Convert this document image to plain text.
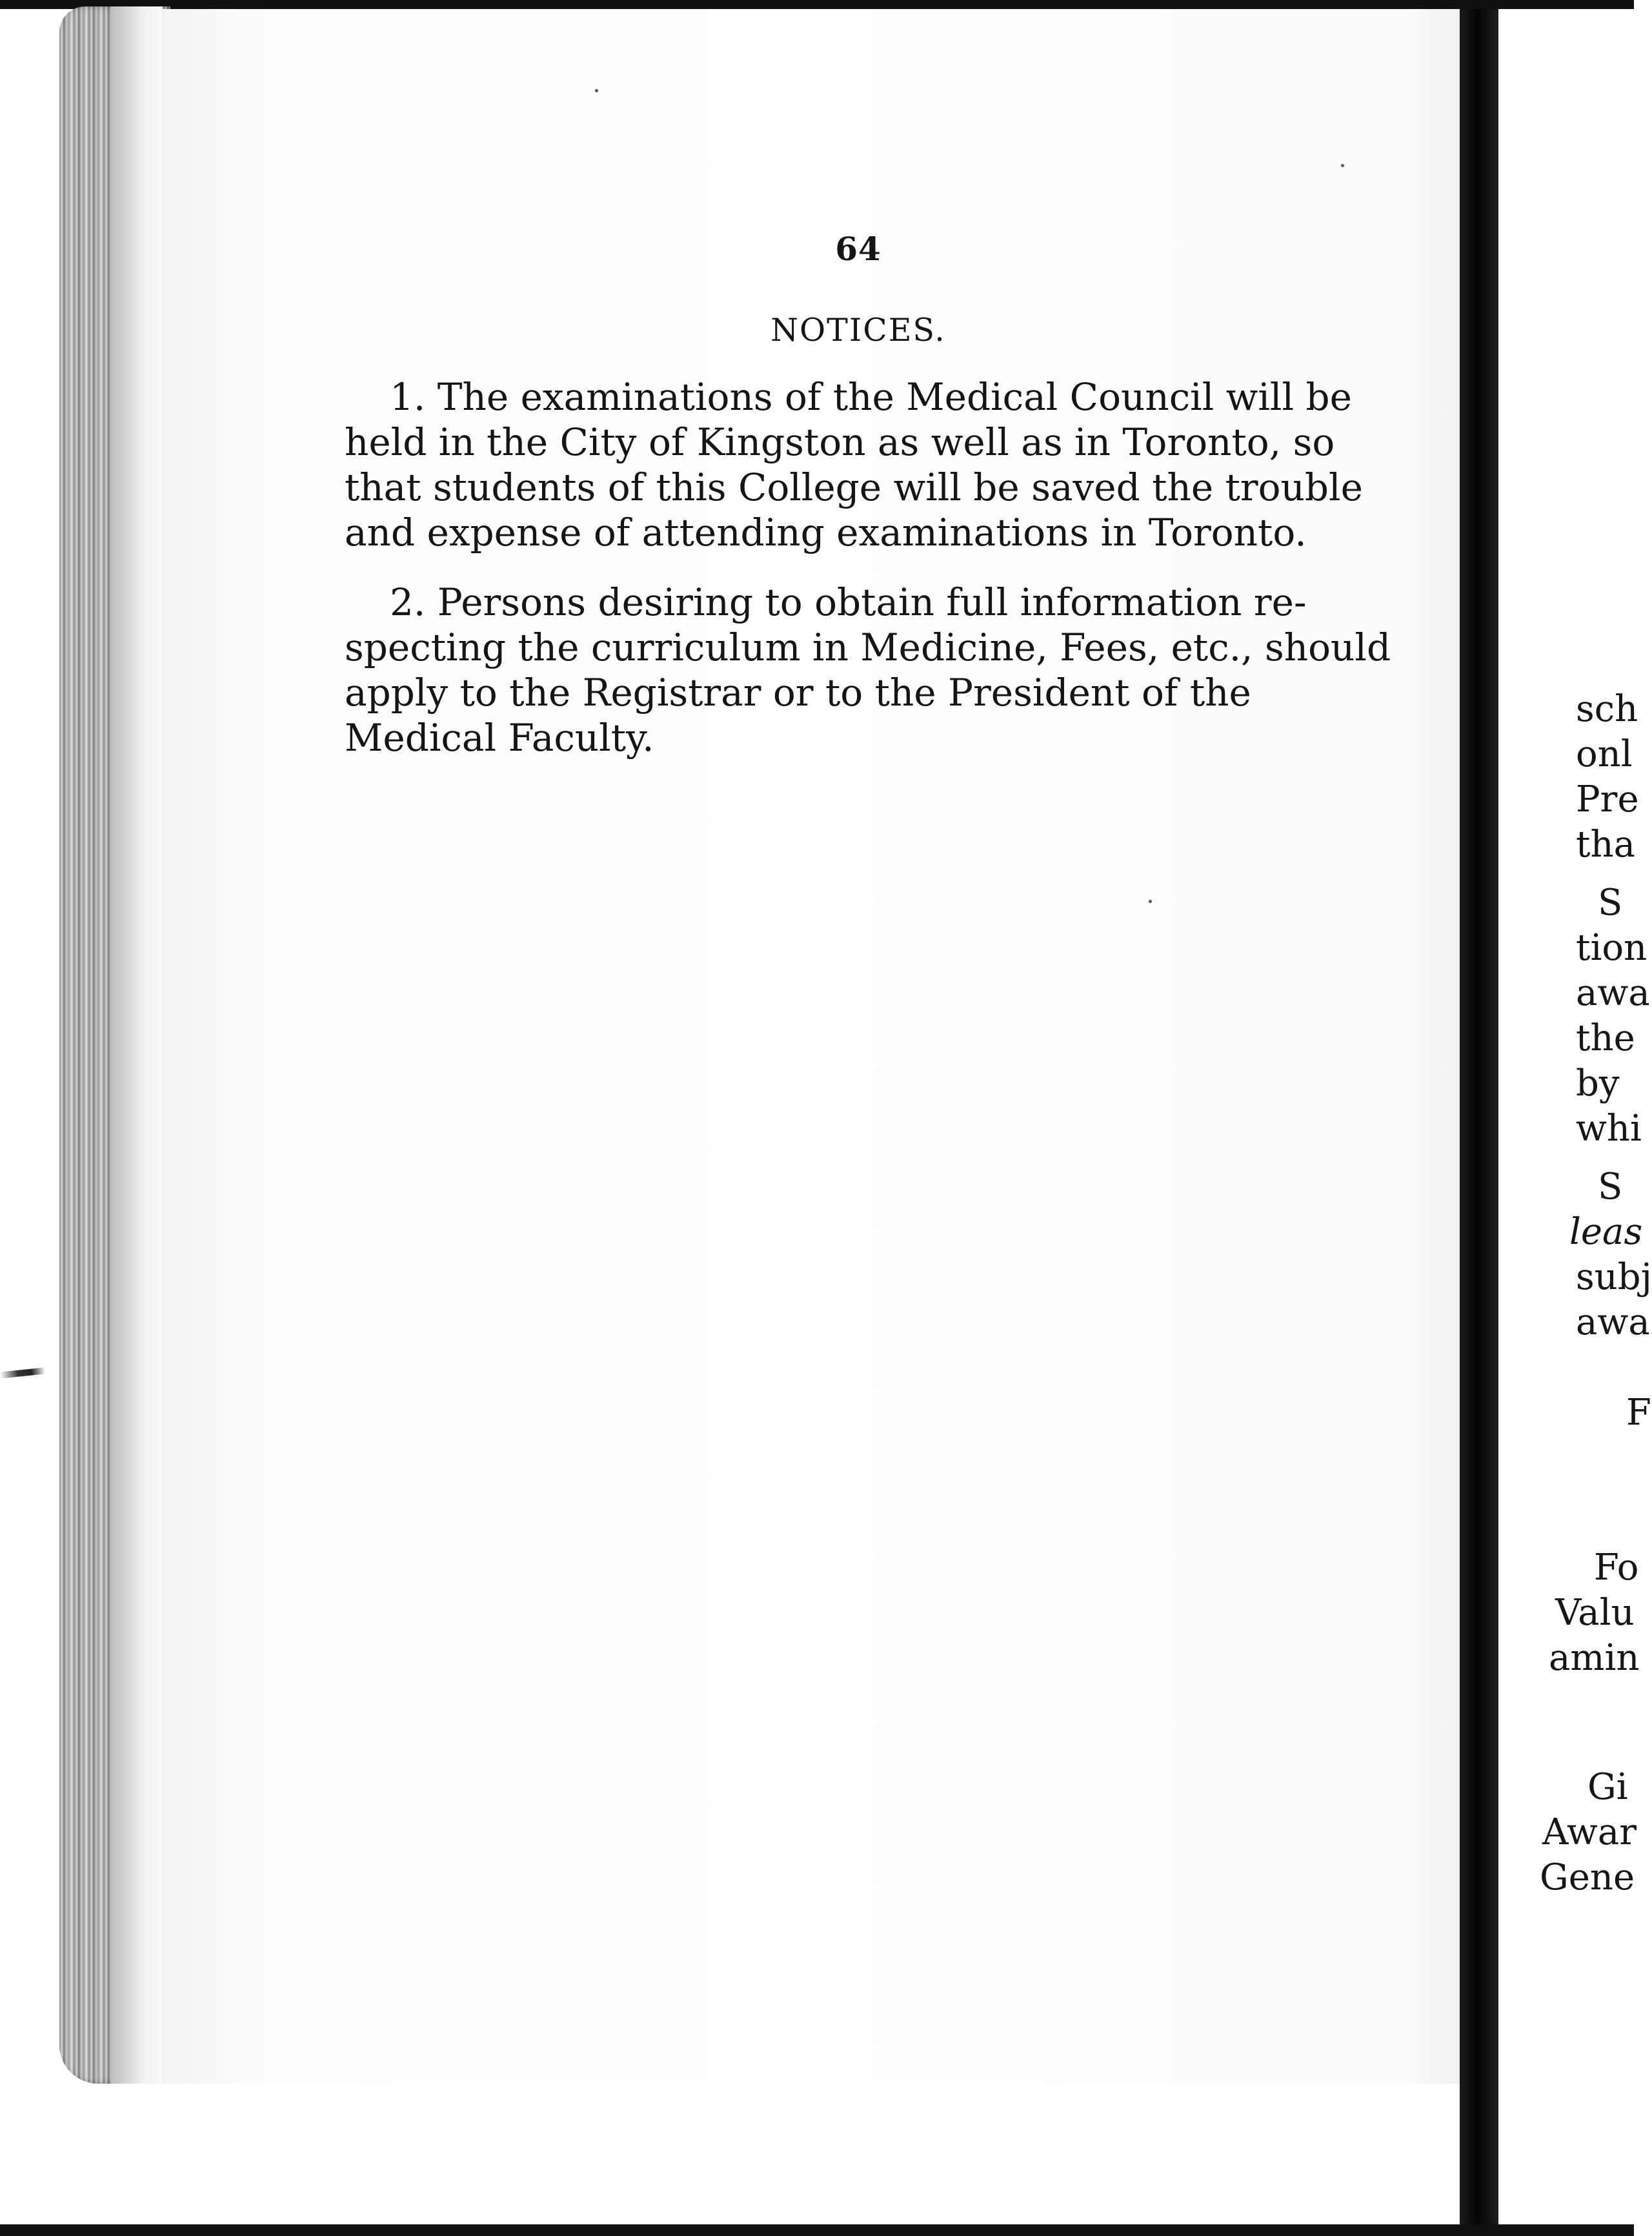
64
NOTICES.
1. The examinations of the Medical Council will be
held in the City of Kingston as well as in Toronto, so
that students of this College will be saved the trouble
and expense of attending examinations in Toronto.
2. Persons desiring to obtain full information re-
specting the curriculum in Medicine, Fees, etc., should
apply to the Registrar or to the President of the
Medical Faculty.
sch
onl
Pre
tha
S
tion
awa
the
by
whi
S
leas
subj
awa
F
Fo
Valu
amin
Gi
Awar
Gene
